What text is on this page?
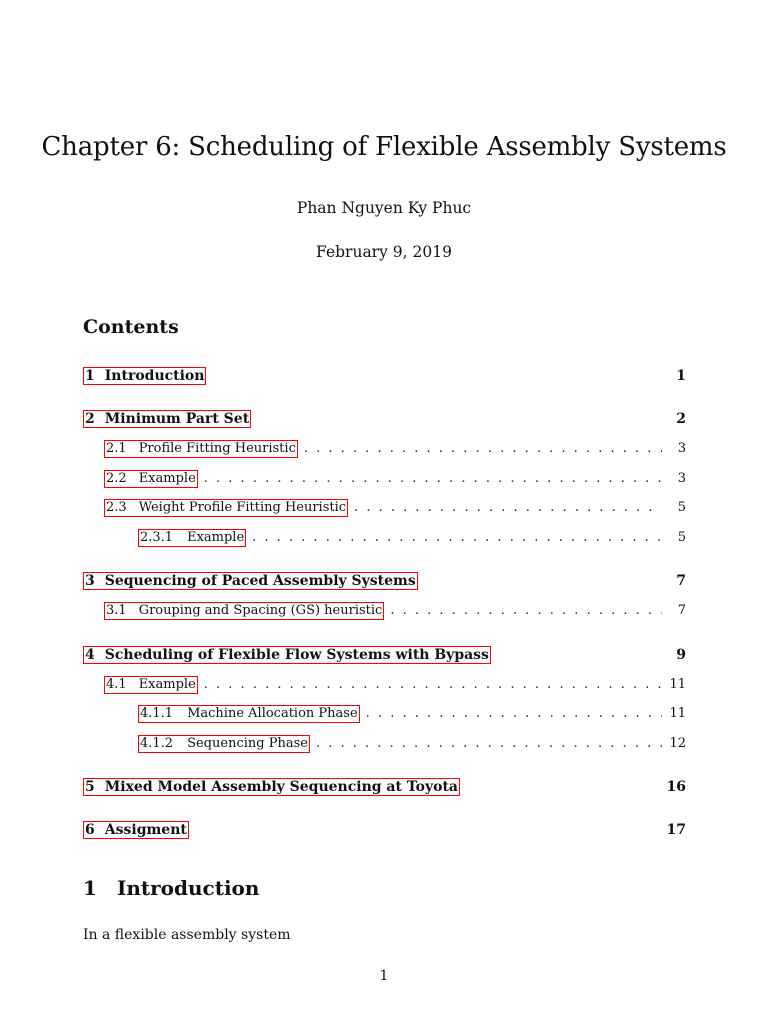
Chapter 6: Scheduling of Flexible Assembly Systems
Phan Nguyen Ky Phuc
February 9, 2019
Contents
1 Introduction	1
2 Minimum Part Set	2
2.1 Profile Fitting Heuristic . . .	3
2.2 Example . . .	3
2.3 Weight Profile Fitting Heuristic . . .	5
2.3.1 Example . . .	5
3 Sequencing of Paced Assembly Systems	7
3.1 Grouping and Spacing (GS) heuristic . . .	7
4 Scheduling of Flexible Flow Systems with Bypass	9
4.1 Example . . .	11
4.1.1 Machine Allocation Phase . . .	11
4.1.2 Sequencing Phase . . .	12
5 Mixed Model Assembly Sequencing at Toyota	16
6 Assigment	17
1 Introduction

In a flexible assembly system

1
